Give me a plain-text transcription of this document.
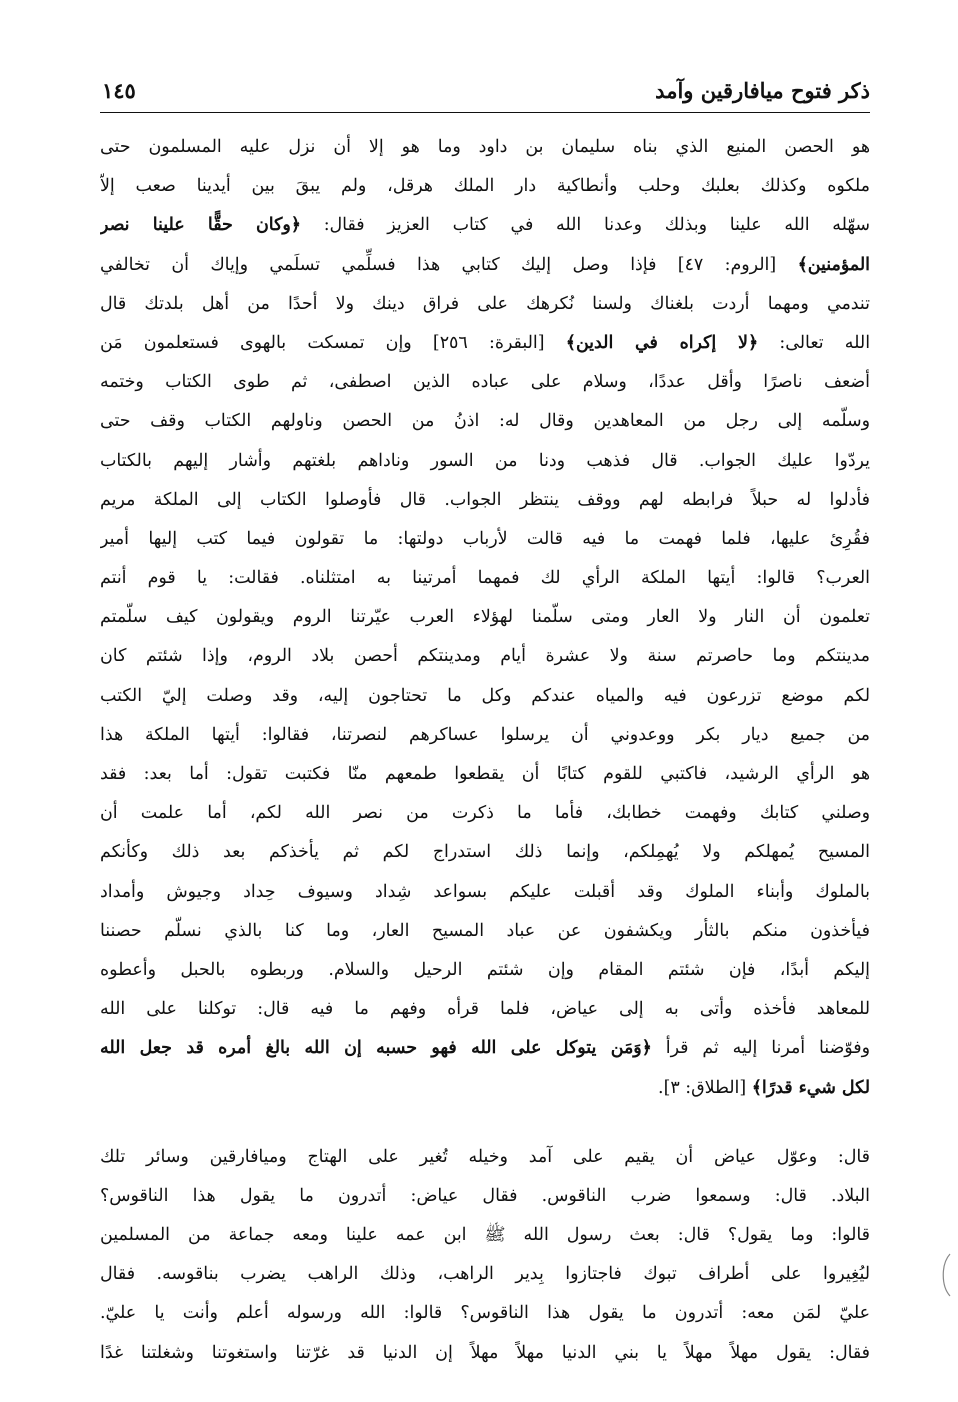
ذكر فتوح ميافارقين وآمد
١٤٥
هو الحصن المنيع الذي بناه سليمان بن داود وما هو إلا أن نزل عليه المسلمون حتى
ملكوه وكذلك بعلبك وحلب وأنطاكية دار الملك هرقل، ولم يبقَ بين أيدينا صعب إلاّ
سهّله الله علينا وبذلك وعدنا الله في كتاب العزيز فقال: ﴿وكان حقًّا علينا نصر
المؤمنين﴾ [الروم: ٤٧] فإذا وصل إليك كتابي هذا فسلِّمي تسلَمي وإياك أن تخالفي
تندمي ومهما أردت بلغناك ولسنا نُكرهك على فراق دينك ولا أحدًا من أهل بلدتك قال
الله تعالى: ﴿لا إكراه في الدين﴾ [البقرة: ٢٥٦] وإن تمسكت بالهوى فستعلمون مَن
أضعف ناصرًا وأقل عددًا، وسلام على عباده الذين اصطفى، ثم طوى الكتاب وختمه
وسلّمه إلى رجل من المعاهدين وقال له: اذنُ من الحصن وناولهم الكتاب وقف حتى
يردّوا عليك الجواب. قال فذهب ودنا من السور وناداهم بلغتهم وأشار إليهم بالكتاب
فأدلوا له حبلاً فرابطه لهم ووقف ينتظر الجواب. قال فأوصلوا الكتاب إلى الملكة مريم
فقُرِئ عليها، فلما فهمت ما فيه قالت لأرباب دولتها: ما تقولون فيما كتب إليها أمير
العرب؟ قالوا: أيتها الملكة الرأي لك فمهما أمرتينا به امتثلناه. فقالت: يا قوم أنتم
تعلمون أن النار ولا العار ومتى سلّمنا لهؤلاء العرب عيّرتنا الروم ويقولون كيف سلّمتم
مدينتكم وما حاصرتم سنة ولا عشرة أيام ومدينتكم أحصن بلاد الروم، وإذا شئتم كان
لكم موضع تزرعون فيه والمياه عندكم وكل ما تحتاجون إليه، وقد وصلت إليّ الكتب
من جميع ديار بكر ووعدوني أن يرسلوا عساكرهم لنصرتنا، فقالوا: أيتها الملكة هذا
هو الرأي الرشيد، فاكتبي للقوم كتابًا أن يقطعوا طمعهم منّا فكتبت تقول: أما بعد: فقد
وصلني كتابك وفهمت خطابك، فأما ما ذكرت من نصر الله لكم، أما علمت أن
المسيح يُمهلكم ولا يُهمِلكم، وإنما ذلك استدراج لكم ثم يأخذكم بعد ذلك وكأنكم
بالملوك وأبناء الملوك وقد أقبلت عليكم بسواعد شِداد وسيوف حِداد وجيوش وأمداد
فيأخذون منكم بالثأر ويكشفون عن عباد المسيح العار، وما كنا بالذي نسلّم حصننا
إليكم أبدًا، فإن شئتم المقام وإن شئتم الرحيل والسلام. وربطوه بالحبل وأعطوه
للمعاهد فأخذه وأتى به إلى عياض، فلما قرأه وفهم ما فيه قال: توكلنا على الله
وفوّضنا أمرنا إليه ثم قرأ ﴿وَمَن يتوكل على الله فهو حسبه إن الله بالغ أمره قد جعل الله
لكل شيء قدرًا﴾ [الطلاق: ٣].
قال: وعوّل عياض أن يقيم على آمد وخيله تُغير على الهتاج وميافارقين وسائر تلك
البلاد. قال: وسمعوا ضرب الناقوس. فقال عياض: أتدرون ما يقول هذا الناقوس؟
قالوا: وما يقول؟ قال: بعث رسول الله ﷺ ابن عمه علينا ومعه جماعة من المسلمين
ليُغِيروا على أطراف تبوك فاجتازوا بِدير الراهب، وذلك الراهب يضرب بناقوسه. فقال
عليّ لمَن معه: أتدرون ما يقول هذا الناقوس؟ قالوا: الله ورسوله أعلم وأنت يا عليّ.
فقال: يقول مهلاً مهلاً يا بني الدنيا مهلاً مهلاً إن الدنيا قد غرّتنا واستغوتنا وشغلتنا غدًا
